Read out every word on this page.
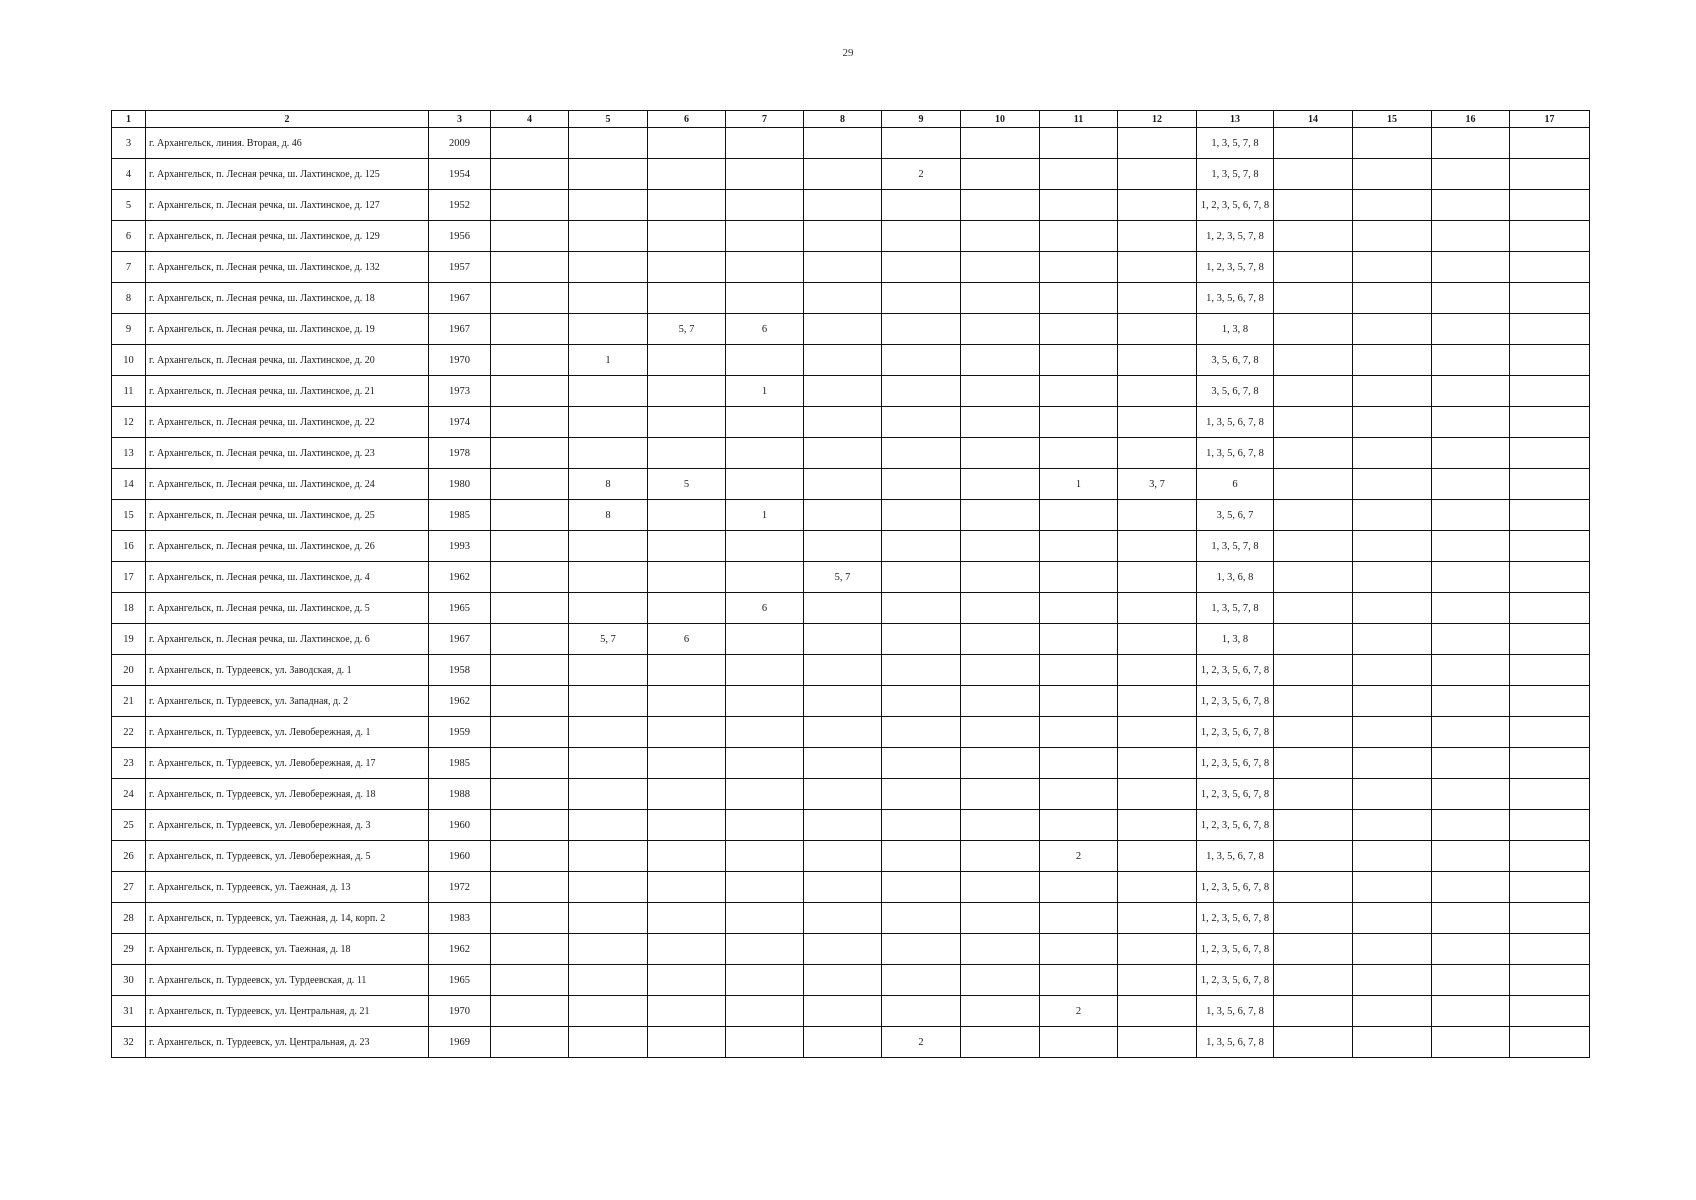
29
1	2	3	4	5	6	7	8	9	10	11	12	13	14	15	16	17
3	г. Архангельск, линия. Вторая, д. 46	2009										1, 3, 5, 7, 8				
4	г. Архангельск, п. Лесная речка, ш. Лахтинское, д. 125	1954						2				1, 3, 5, 7, 8				
5	г. Архангельск, п. Лесная речка, ш. Лахтинское, д. 127	1952										1, 2, 3, 5, 6, 7, 8				
6	г. Архангельск, п. Лесная речка, ш. Лахтинское, д. 129	1956										1, 2, 3, 5, 7, 8				
7	г. Архангельск, п. Лесная речка, ш. Лахтинское, д. 132	1957										1, 2, 3, 5, 7, 8				
8	г. Архангельск, п. Лесная речка, ш. Лахтинское, д. 18	1967										1, 3, 5, 6, 7, 8				
9	г. Архангельск, п. Лесная речка, ш. Лахтинское, д. 19	1967			5, 7	6						1, 3, 8				
10	г. Архангельск, п. Лесная речка, ш. Лахтинское, д. 20	1970		1								3, 5, 6, 7, 8				
11	г. Архангельск, п. Лесная речка, ш. Лахтинское, д. 21	1973				1						3, 5, 6, 7, 8				
12	г. Архангельск, п. Лесная речка, ш. Лахтинское, д. 22	1974										1, 3, 5, 6, 7, 8				
13	г. Архангельск, п. Лесная речка, ш. Лахтинское, д. 23	1978										1, 3, 5, 6, 7, 8				
14	г. Архангельск, п. Лесная речка, ш. Лахтинское, д. 24	1980		8	5					1	3, 7	6				
15	г. Архангельск, п. Лесная речка, ш. Лахтинское, д. 25	1985		8		1						3, 5, 6, 7				
16	г. Архангельск, п. Лесная речка, ш. Лахтинское, д. 26	1993										1, 3, 5, 7, 8				
17	г. Архангельск, п. Лесная речка, ш. Лахтинское, д. 4	1962					5, 7					1, 3, 6, 8				
18	г. Архангельск, п. Лесная речка, ш. Лахтинское, д. 5	1965				6						1, 3, 5, 7, 8				
19	г. Архангельск, п. Лесная речка, ш. Лахтинское, д. 6	1967		5, 7	6							1, 3, 8				
20	г. Архангельск, п. Турдеевск, ул. Заводская, д. 1	1958										1, 2, 3, 5, 6, 7, 8				
21	г. Архангельск, п. Турдеевск, ул. Западная, д. 2	1962										1, 2, 3, 5, 6, 7, 8				
22	г. Архангельск, п. Турдеевск, ул. Левобережная, д. 1	1959										1, 2, 3, 5, 6, 7, 8				
23	г. Архангельск, п. Турдеевск, ул. Левобережная, д. 17	1985										1, 2, 3, 5, 6, 7, 8				
24	г. Архангельск, п. Турдеевск, ул. Левобережная, д. 18	1988										1, 2, 3, 5, 6, 7, 8				
25	г. Архангельск, п. Турдеевск, ул. Левобережная, д. 3	1960										1, 2, 3, 5, 6, 7, 8				
26	г. Архангельск, п. Турдеевск, ул. Левобережная, д. 5	1960								2		1, 3, 5, 6, 7, 8				
27	г. Архангельск, п. Турдеевск, ул. Таежная, д. 13	1972										1, 2, 3, 5, 6, 7, 8				
28	г. Архангельск, п. Турдеевск, ул. Таежная, д. 14, корп. 2	1983										1, 2, 3, 5, 6, 7, 8				
29	г. Архангельск, п. Турдеевск, ул. Таежная, д. 18	1962										1, 2, 3, 5, 6, 7, 8				
30	г. Архангельск, п. Турдеевск, ул. Турдеевская, д. 11	1965										1, 2, 3, 5, 6, 7, 8				
31	г. Архангельск, п. Турдеевск, ул. Центральная, д. 21	1970								2		1, 3, 5, 6, 7, 8				
32	г. Архангельск, п. Турдеевск, ул. Центральная, д. 23	1969						2				1, 3, 5, 6, 7, 8				
